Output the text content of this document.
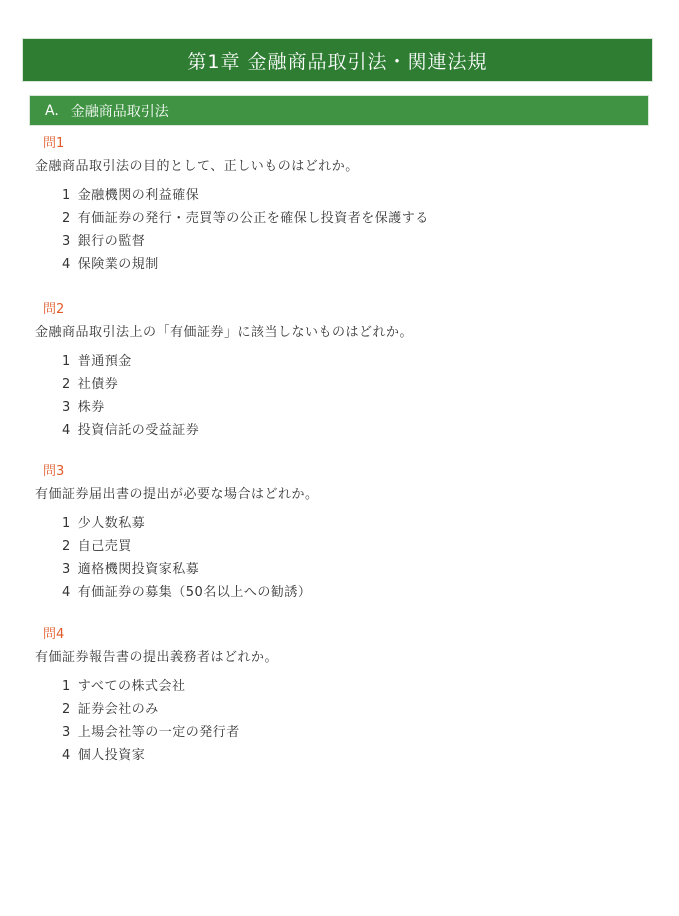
第1章 金融商品取引法・関連法規
A. 金融商品取引法
問1
金融商品取引法の目的として、正しいものはどれか。
1 金融機関の利益確保
2 有価証券の発行・売買等の公正を確保し投資者を保護する
3 銀行の監督
4 保険業の規制
問2
金融商品取引法上の「有価証券」に該当しないものはどれか。
1 普通預金
2 社債券
3 株券
4 投資信託の受益証券
問3
有価証券届出書の提出が必要な場合はどれか。
1 少人数私募
2 自己売買
3 適格機関投資家私募
4 有価証券の募集（50名以上への勧誘）
問4
有価証券報告書の提出義務者はどれか。
1 すべての株式会社
2 証券会社のみ
3 上場会社等の一定の発行者
4 個人投資家
